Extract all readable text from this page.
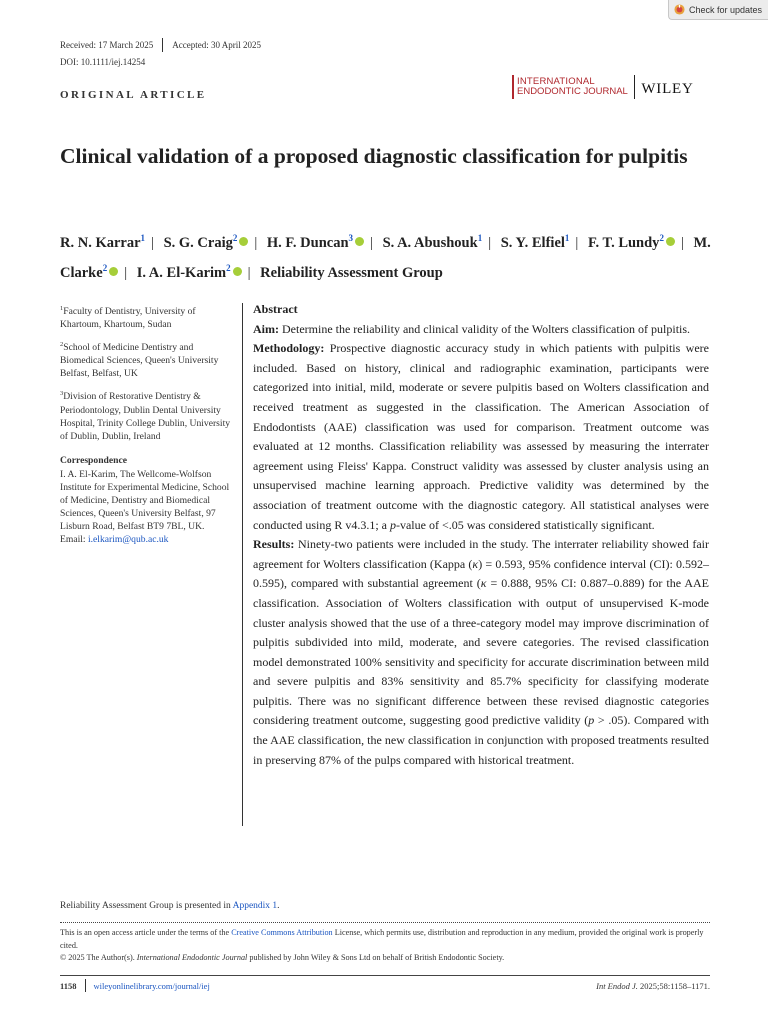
Check for updates
Received: 17 March 2025 Accepted: 30 April 2025
DOI: 10.1111/iej.14254
ORIGINAL ARTICLE
INTERNATIONAL
ENDODONTIC JOURNAL WILEY
Clinical validation of a proposed diagnostic classification for pulpitis
R. N. Karrar$^1$ | S. G. Craig$^2$ | H. F. Duncan$^3$ | S. A. Abushouk$^1$ | S. Y. Elfiel$^1$ | F. T. Lundy$^2$ | M. Clarke$^2$ | I. A. El-Karim$^2$ | Reliability Assessment Group

$^1$Faculty of Dentistry, University of Khartoum, Khartoum, Sudan

$^2$School of Medicine Dentistry and Biomedical Sciences, Queen's University Belfast, Belfast, UK

$^3$Division of Restorative Dentistry & Periodontology, Dublin Dental University Hospital, Trinity College Dublin, University of Dublin, Dublin, Ireland

Correspondence

I. A. El-Karim, The Wellcome-Wolfson Institute for Experimental Medicine, School of Medicine, Dentistry and Biomedical Sciences, Queen's University Belfast, 97 Lisburn Road, Belfast BT9 7BL, UK.
Email: i.elkarim@qub.ac.uk

Abstract

Aim: Determine the reliability and clinical validity of the Wolters classification of pulpitis.

Methodology: Prospective diagnostic accuracy study in which patients with pulpitis were included. Based on history, clinical and radiographic examination, participants were categorized into initial, mild, moderate or severe pulpitis based on Wolters classification and received treatment as suggested in the classification. The American Association of Endodontists (AAE) classification was used for comparison. Treatment outcome was evaluated at 12 months. Classification reliability was assessed by measuring the interrater agreement using Fleiss' Kappa. Construct validity was assessed by cluster analysis using an unsupervised machine learning approach. Predictive validity was determined by the association of treatment outcome with the diagnostic category. All statistical analyses were conducted using R v4.3.1; a p-value of <.05 was considered statistically significant.

Results: Ninety-two patients were included in the study. The interrater reliability showed fair agreement for Wolters classification (Kappa (κ) = 0.593, 95% confidence interval (CI): 0.592–0.595), compared with substantial agreement (κ = 0.888, 95% CI: 0.887–0.889) for the AAE classification. Association of Wolters classification with output of unsupervised K-mode cluster analysis showed that the use of a three-category model may improve discrimination of pulpitis subdivided into mild, moderate, and severe categories. The revised classification model demonstrated 100% sensitivity and specificity for accurate discrimination between mild and severe pulpitis and 83% sensitivity and 85.7% specificity for classifying moderate pulpitis. There was no significant difference between these revised diagnostic categories considering treatment outcome, suggesting good predictive validity (p > .05). Compared with the AAE classification, the new classification in conjunction with proposed treatments resulted in preserving 87% of the pulps compared with historical treatment.

Reliability Assessment Group is presented in Appendix 1.
This is an open access article under the terms of the Creative Commons Attribution License, which permits use, distribution and reproduction in any medium, provided the original work is properly cited.
© 2025 The Author(s). International Endodontic Journal published by John Wiley & Sons Ltd on behalf of British Endodontic Society.
1158 wileyonlinelibrary.com/journal/iej	Int Endod J. 2025;58:1158–1171.
